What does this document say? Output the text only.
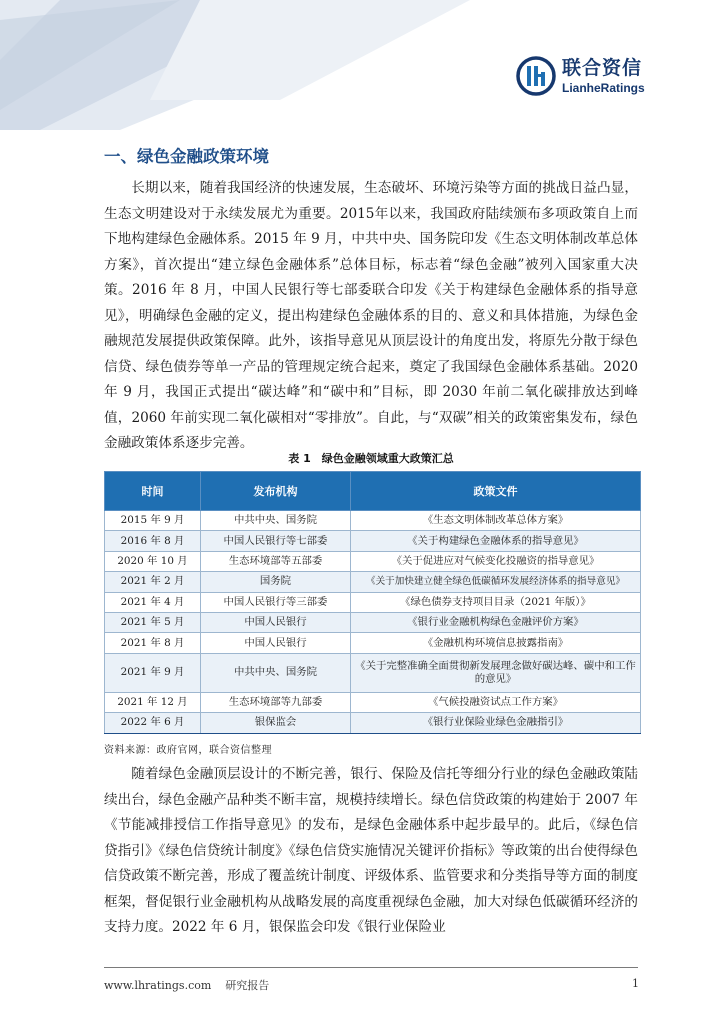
联合资信
LianheRatings
一、绿色金融政策环境

长期以来，随着我国经济的快速发展，生态破坏、环境污染等方面的挑战日益凸显，生态文明建设对于永续发展尤为重要。2015年以来，我国政府陆续颁布多项政策自上而下地构建绿色金融体系。2015 年 9 月，中共中央、国务院印发《生态文明体制改革总体方案》，首次提出“建立绿色金融体系”总体目标，标志着“绿色金融”被列入国家重大决策。2016 年 8 月，中国人民银行等七部委联合印发《关于构建绿色金融体系的指导意见》，明确绿色金融的定义，提出构建绿色金融体系的目的、意义和具体措施，为绿色金融规范发展提供政策保障。此外，该指导意见从顶层设计的角度出发，将原先分散于绿色信贷、绿色债券等单一产品的管理规定统合起来，奠定了我国绿色金融体系基础。2020 年 9 月，我国正式提出“碳达峰”和“碳中和”目标，即 2030 年前二氧化碳排放达到峰值，2060 年前实现二氧化碳相对“零排放”。自此，与“双碳”相关的政策密集发布，绿色金融政策体系逐步完善。

表 1　绿色金融领域重大政策汇总
时间	发布机构	政策文件
2015 年 9 月	中共中央、国务院	《生态文明体制改革总体方案》
2016 年 8 月	中国人民银行等七部委	《关于构建绿色金融体系的指导意见》
2020 年 10 月	生态环境部等五部委	《关于促进应对气候变化投融资的指导意见》
2021 年 2 月	国务院	《关于加快建立健全绿色低碳循环发展经济体系的指导意见》
2021 年 4 月	中国人民银行等三部委	《绿色债券支持项目目录（2021 年版）》
2021 年 5 月	中国人民银行	《银行业金融机构绿色金融评价方案》
2021 年 8 月	中国人民银行	《金融机构环境信息披露指南》
2021 年 9 月	中共中央、国务院	《关于完整准确全面贯彻新发展理念做好碳达峰、碳中和工作的意见》
2021 年 12 月	生态环境部等九部委	《气候投融资试点工作方案》
2022 年 6 月	银保监会	《银行业保险业绿色金融指引》
资料来源：政府官网，联合资信整理

随着绿色金融顶层设计的不断完善，银行、保险及信托等细分行业的绿色金融政策陆续出台，绿色金融产品种类不断丰富，规模持续增长。绿色信贷政策的构建始于 2007 年《节能减排授信工作指导意见》的发布，是绿色金融体系中起步最早的。此后，《绿色信贷指引》《绿色信贷统计制度》《绿色信贷实施情况关键评价指标》等政策的出台使得绿色信贷政策不断完善，形成了覆盖统计制度、评级体系、监管要求和分类指导等方面的制度框架，督促银行业金融机构从战略发展的高度重视绿色金融，加大对绿色低碳循环经济的支持力度。2022 年 6 月，银保监会印发《银行业保险业

www.lhratings.com 研究报告	1
